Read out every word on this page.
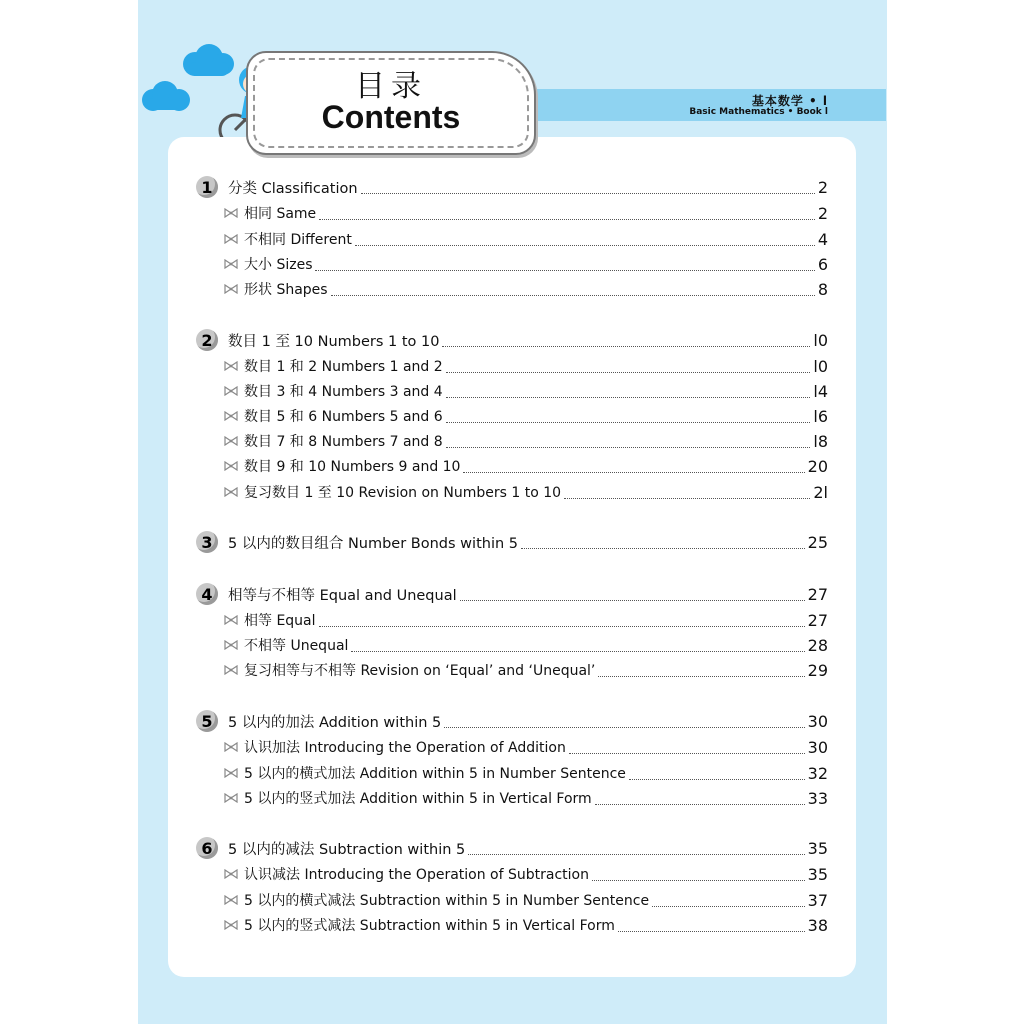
基本数学 • l
Basic Mathematics • Book l
目录
Contents
1	分类 Classification	2
相同 Same	2
不相同 Different	4
大小 Sizes	6
形状 Shapes	8
2	数目 1 至 10 Numbers 1 to 10	l0
数目 1 和 2 Numbers 1 and 2	l0
数目 3 和 4 Numbers 3 and 4	l4
数目 5 和 6 Numbers 5 and 6	l6
数目 7 和 8 Numbers 7 and 8	l8
数目 9 和 10 Numbers 9 and 10	20
复习数目 1 至 10 Revision on Numbers 1 to 10	2l
3	5 以内的数目组合 Number Bonds within 5	25
4	相等与不相等 Equal and Unequal	27
相等 Equal	27
不相等 Unequal	28
复习相等与不相等 Revision on ‘Equal’ and ‘Unequal’	29
5	5 以内的加法 Addition within 5	30
认识加法 Introducing the Operation of Addition	30
5 以内的横式加法 Addition within 5 in Number Sentence	32
5 以内的竖式加法 Addition within 5 in Vertical Form	33
6	5 以内的减法 Subtraction within 5	35
认识减法 Introducing the Operation of Subtraction	35
5 以内的横式减法 Subtraction within 5 in Number Sentence	37
5 以内的竖式减法 Subtraction within 5 in Vertical Form	38
